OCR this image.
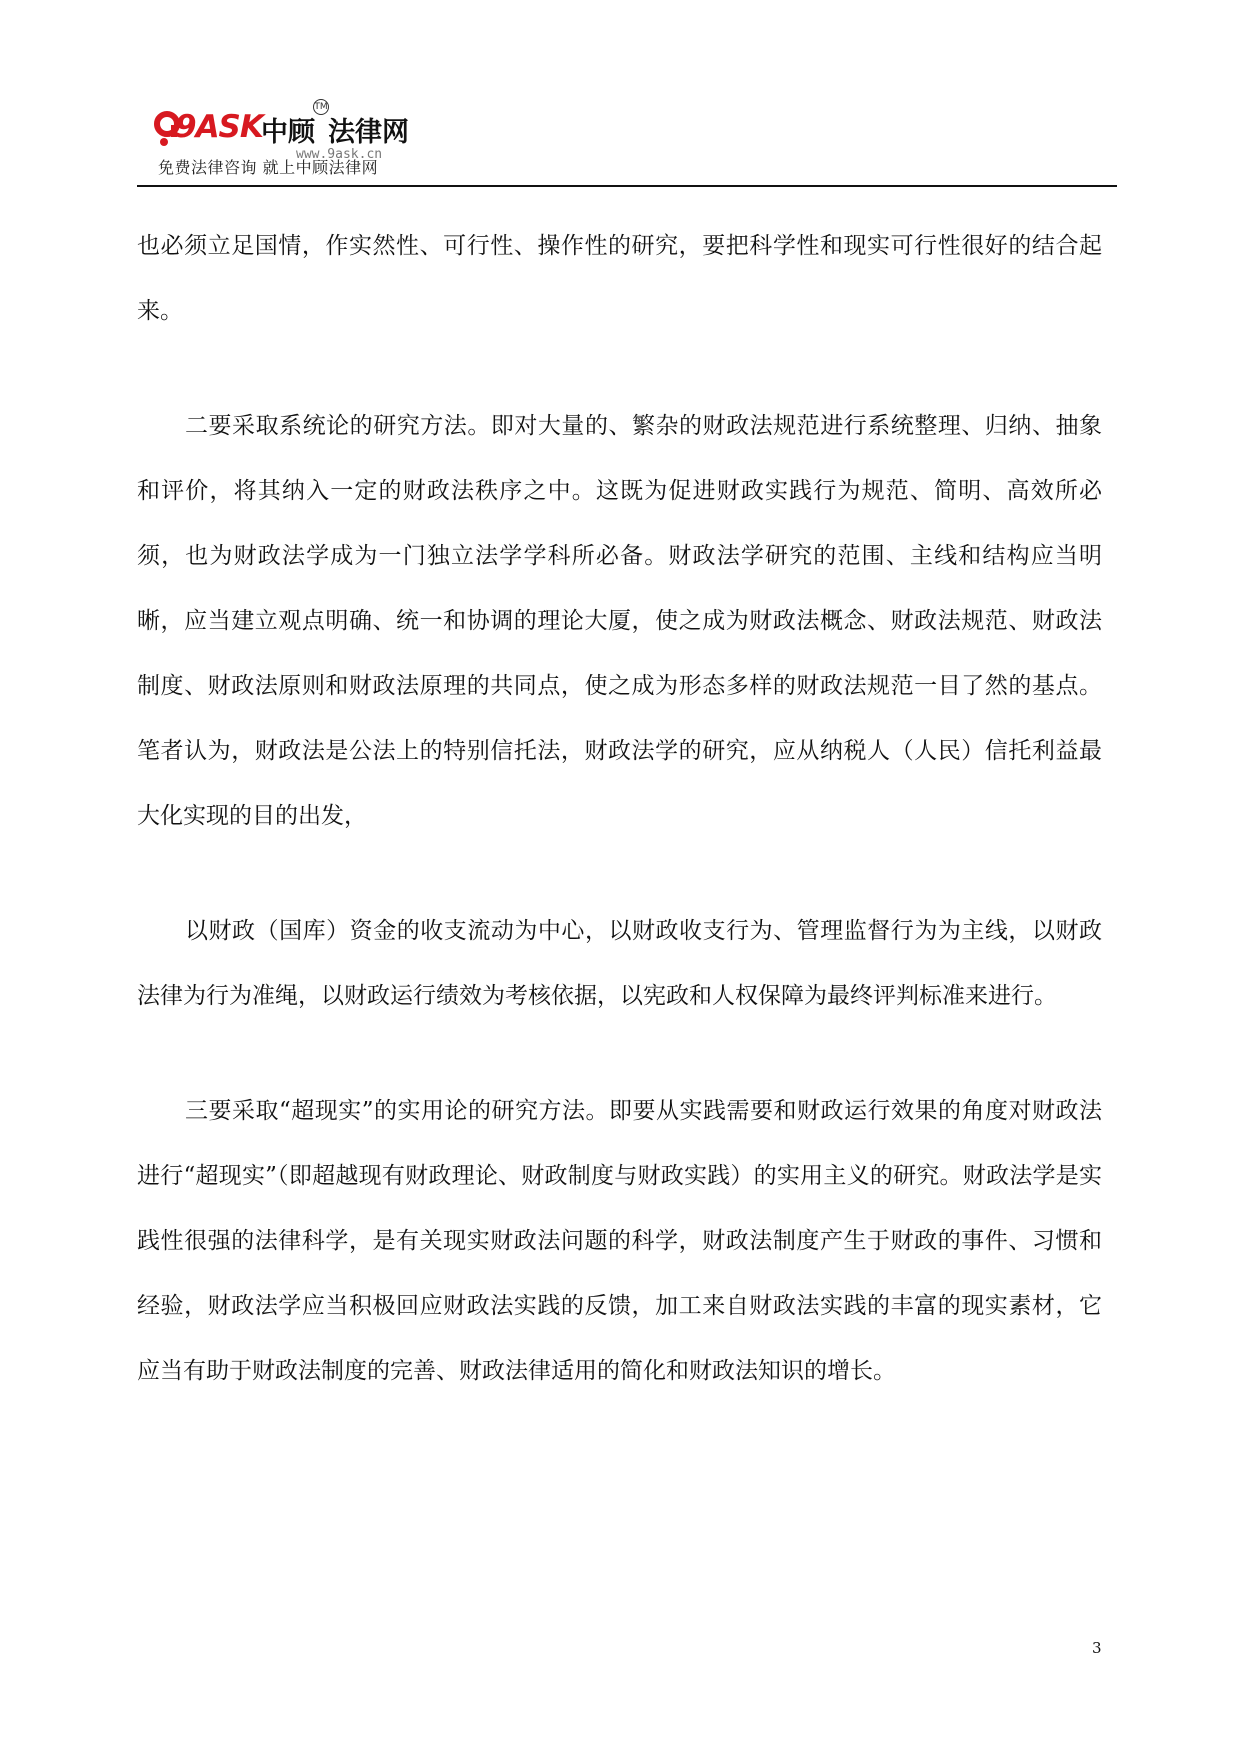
9ASK
中顾
TM
法律网
www.9ask.cn
免费法律咨询 就上中顾法律网

也必须立足国情，作实然性、可行性、操作性的研究，要把科学性和现实可行性很好的结合起来。

二要采取系统论的研究方法。即对大量的、繁杂的财政法规范进行系统整理、归纳、抽象和评价，将其纳入一定的财政法秩序之中。这既为促进财政实践行为规范、简明、高效所必须，也为财政法学成为一门独立法学学科所必备。财政法学研究的范围、主线和结构应当明晰，应当建立观点明确、统一和协调的理论大厦，使之成为财政法概念、财政法规范、财政法制度、财政法原则和财政法原理的共同点，使之成为形态多样的财政法规范一目了然的基点。笔者认为，财政法是公法上的特别信托法，财政法学的研究，应从纳税人（人民）信托利益最大化实现的目的出发，

以财政（国库）资金的收支流动为中心，以财政收支行为、管理监督行为为主线，以财政法律为行为准绳，以财政运行绩效为考核依据，以宪政和人权保障为最终评判标准来进行。

三要采取“超现实”的实用论的研究方法。即要从实践需要和财政运行效果的角度对财政法进行“超现实”（即超越现有财政理论、财政制度与财政实践）的实用主义的研究。财政法学是实践性很强的法律科学，是有关现实财政法问题的科学，财政法制度产生于财政的事件、习惯和经验，财政法学应当积极回应财政法实践的反馈，加工来自财政法实践的丰富的现实素材，它应当有助于财政法制度的完善、财政法律适用的简化和财政法知识的增长。

3
